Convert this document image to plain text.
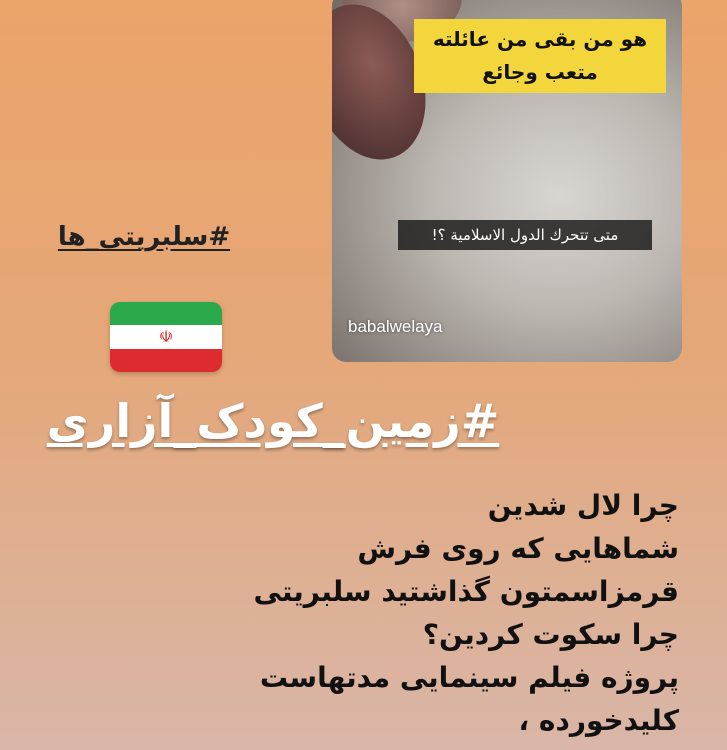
هو من بقى من عائلته متعب وجائع
متى تتحرك الدول الاسلامية ؟!
babalwelaya
#سلبریتی_ها
☫
#زمین_کودک_آزاری
چرا لال شدین
شماهایی که روی فرش
قرمزاسمتون گذاشتید سلبریتی
چرا سکوت کردین؟
پروژه فیلم سینمایی مدتهاست
کلیدخورده ،
